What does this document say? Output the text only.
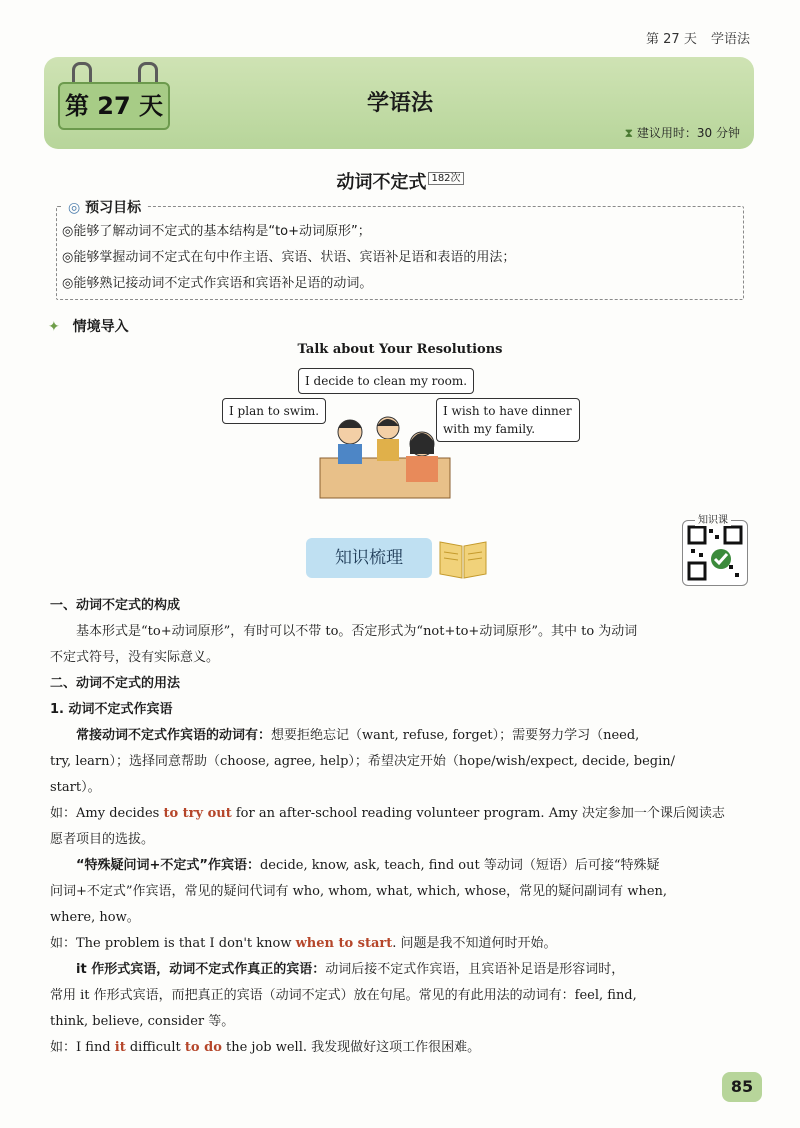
第 27 天 学语法
第 27 天	学语法
⧗ 建议用时：30 分钟
动词不定式 $^{182次}$
◎ 预习目标
◎能够了解动词不定式的基本结构是“to+动词原形”；
◎能够掌握动词不定式在句中作主语、宾语、状语、宾语补足语和表语的用法；
◎能够熟记接动词不定式作宾语和宾语补足语的动词。
✦ 情境导入
Talk about Your Resolutions
I decide to clean my room.
I plan to swim.	I wish to have dinner
with my family.
知识梳理
知识课
一、动词不定式的构成
基本形式是“to+动词原形”，有时可以不带 to。否定形式为“not+to+动词原形”。其中 to 为动词
不定式符号，没有实际意义。
二、动词不定式的用法
1. 动词不定式作宾语
常接动词不定式作宾语的动词有：想要拒绝忘记（want, refuse, forget）；需要努力学习（need,
try, learn）；选择同意帮助（choose, agree, help）；希望决定开始（hope/wish/expect, decide, begin/
start）。
如：Amy decides to try out for an after-school reading volunteer program. Amy 决定参加一个课后阅读志
愿者项目的选拔。
“特殊疑问词+不定式”作宾语：decide, know, ask, teach, find out 等动词（短语）后可接“特殊疑
问词+不定式”作宾语，常见的疑问代词有 who, whom, what, which, whose，常见的疑问副词有 when,
where, how。
如：The problem is that I don't know when to start. 问题是我不知道何时开始。
it 作形式宾语，动词不定式作真正的宾语：动词后接不定式作宾语，且宾语补足语是形容词时，
常用 it 作形式宾语，而把真正的宾语（动词不定式）放在句尾。常见的有此用法的动词有：feel, find,
think, believe, consider 等。
如：I find it difficult to do the job well. 我发现做好这项工作很困难。
85
